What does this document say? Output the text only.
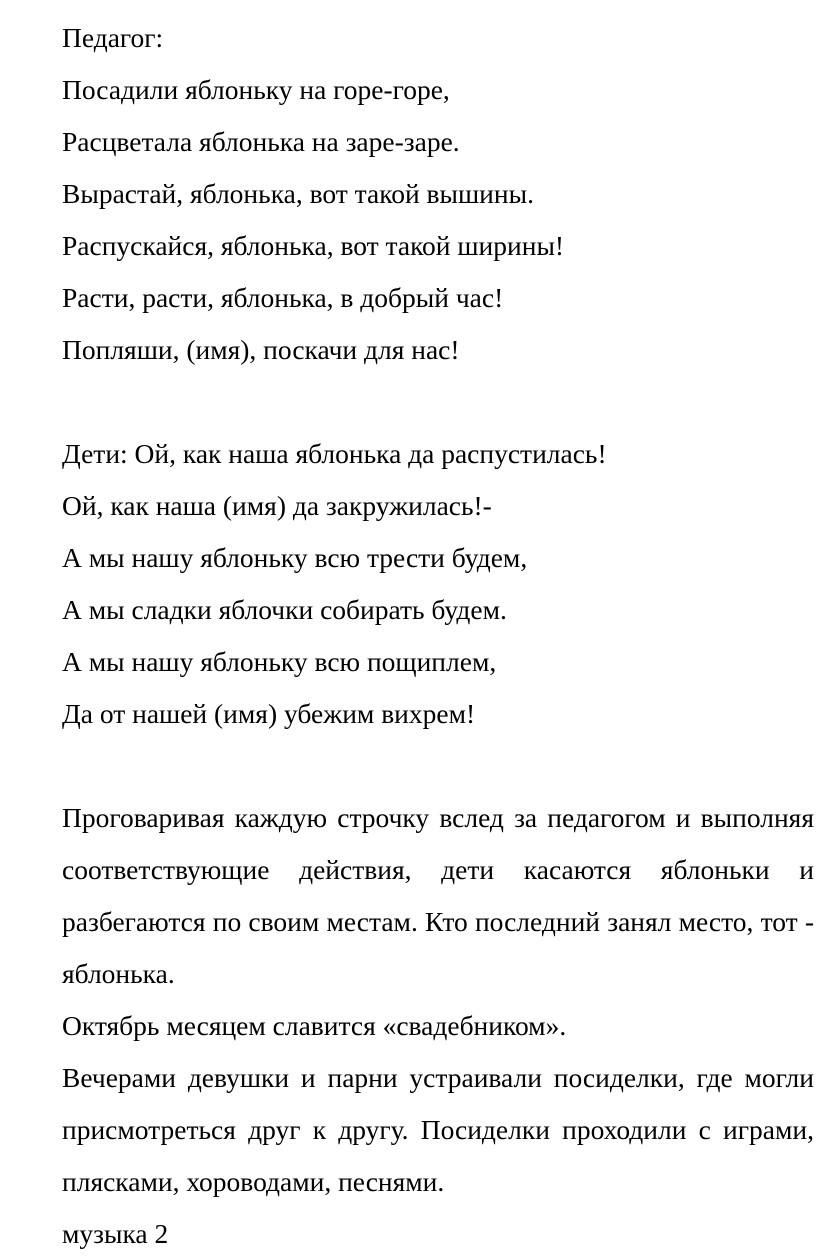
Педагог:
Посадили яблоньку на горе-горе,
Расцветала яблонька на заре-заре.
Вырастай, яблонька, вот такой вышины.
Распускайся, яблонька, вот такой ширины!
Расти, расти, яблонька, в добрый час!
Попляши, (имя), поскачи для нас!
Дети: Ой, как наша яблонька да распустилась!
Ой, как наша (имя) да закружилась!-
А мы нашу яблоньку всю трести будем,
А мы сладки яблочки собирать будем.
А мы нашу яблоньку всю пощиплем,
Да от нашей (имя) убежим вихрем!
Проговаривая каждую строчку вслед за педагогом и выполняя соответствующие действия, дети касаются яблоньки и разбегаются по своим местам. Кто последний занял место, тот - яблонька.
Октябрь месяцем славится «свадебником».
Вечерами девушки и парни устраивали посиделки, где могли присмотреться друг к другу. Посиделки проходили с играми, плясками, хороводами, песнями.
музыка 2
